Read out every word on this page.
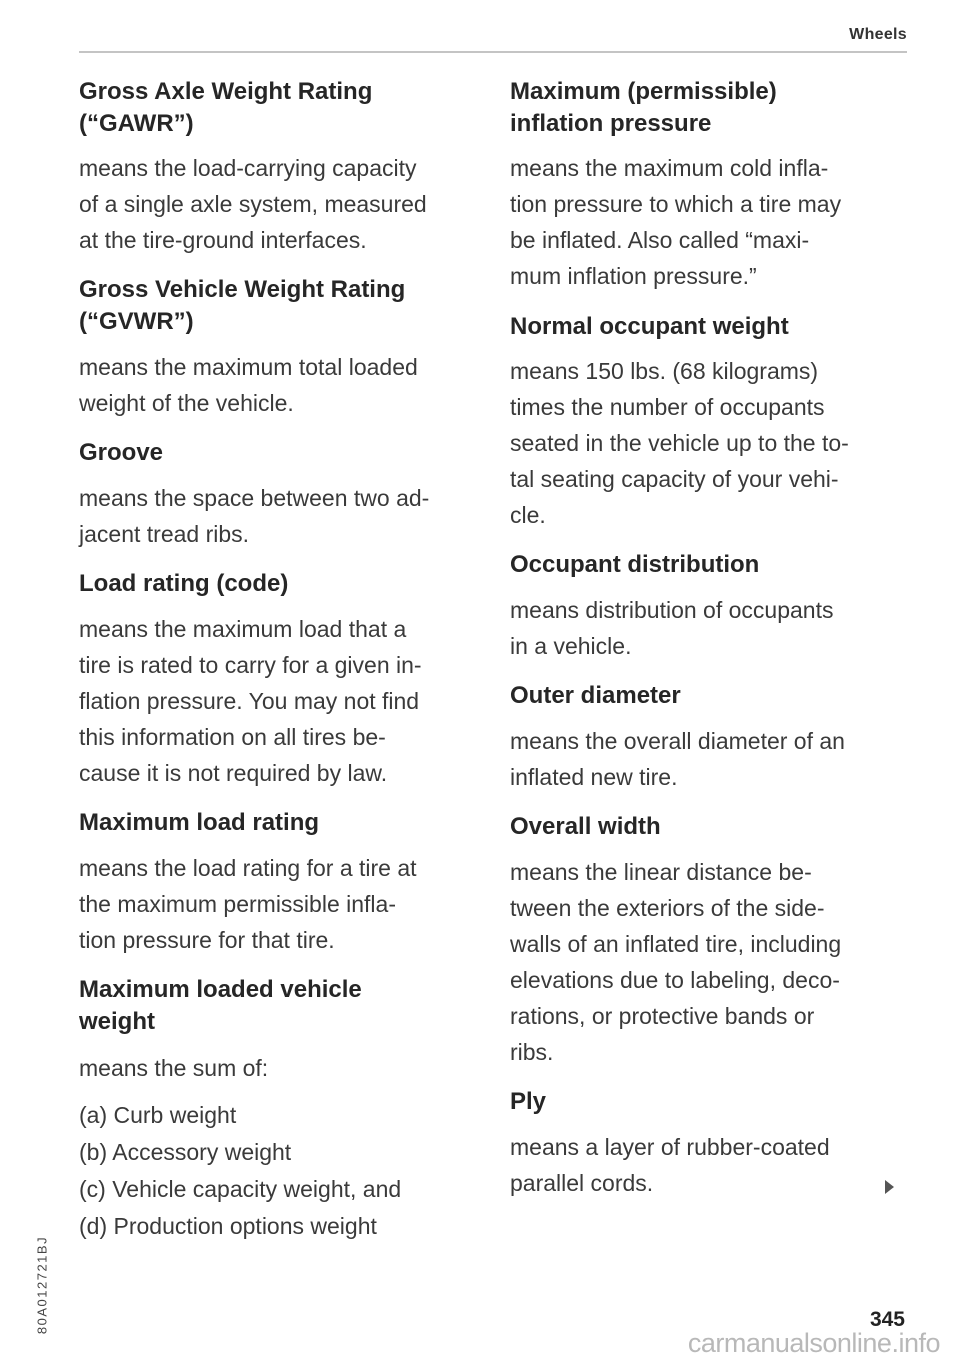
Wheels
Gross Axle Weight Rating
(“GAWR”)
means the load-carrying capacity
of a single axle system, measured
at the tire-ground interfaces.
Gross Vehicle Weight Rating
(“GVWR”)
means the maximum total loaded
weight of the vehicle.
Groove
means the space between two ad-
jacent tread ribs.
Load rating (code)
means the maximum load that a
tire is rated to carry for a given in-
flation pressure. You may not find
this information on all tires be-
cause it is not required by law.
Maximum load rating
means the load rating for a tire at
the maximum permissible infla-
tion pressure for that tire.
Maximum loaded vehicle
weight
means the sum of:
(a) Curb weight
(b) Accessory weight
(c) Vehicle capacity weight, and
(d) Production options weight
Maximum (permissible)
inflation pressure
means the maximum cold infla-
tion pressure to which a tire may
be inflated. Also called “maxi-
mum inflation pressure.”
Normal occupant weight
means 150 lbs. (68 kilograms)
times the number of occupants
seated in the vehicle up to the to-
tal seating capacity of your vehi-
cle.
Occupant distribution
means distribution of occupants
in a vehicle.
Outer diameter
means the overall diameter of an
inflated new tire.
Overall width
means the linear distance be-
tween the exteriors of the side-
walls of an inflated tire, including
elevations due to labeling, deco-
rations, or protective bands or
ribs.
Ply
means a layer of rubber-coated
parallel cords.
80A012721BJ	345
carmanualsonline.info
